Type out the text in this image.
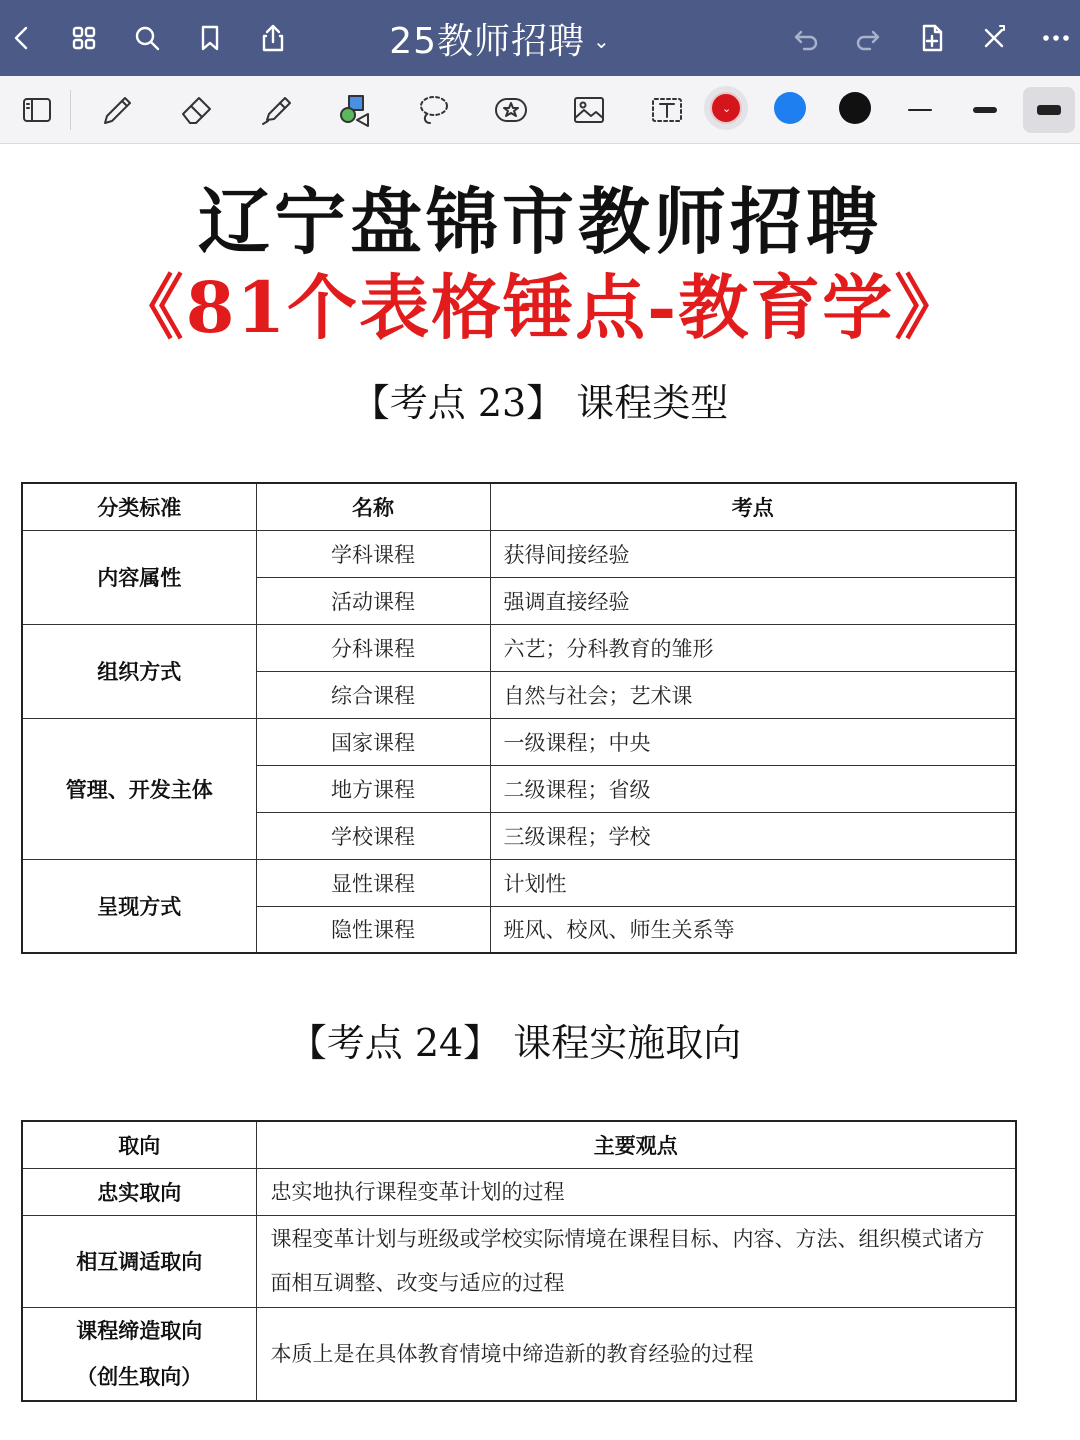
25教师招聘 ⌄
⌄
辽宁盘锦市教师招聘
《81个表格锤点-教育学》
【考点 23】 课程类型
分类标准	名称	考点
内容属性	学科课程	获得间接经验
	活动课程	强调直接经验
组织方式	分科课程	六艺；分科教育的雏形
	综合课程	自然与社会；艺术课
管理、开发主体	国家课程	一级课程；中央
	地方课程	二级课程；省级
	学校课程	三级课程；学校
呈现方式	显性课程	计划性
	隐性课程	班风、校风、师生关系等
【考点 24】 课程实施取向
取向	主要观点
忠实取向	忠实地执行课程变革计划的过程
相互调适取向	课程变革计划与班级或学校实际情境在课程目标、内容、方法、组织模式诸方面相互调整、改变与适应的过程

课程缔造取向
（创生取向）	本质上是在具体教育情境中缔造新的教育经验的过程
